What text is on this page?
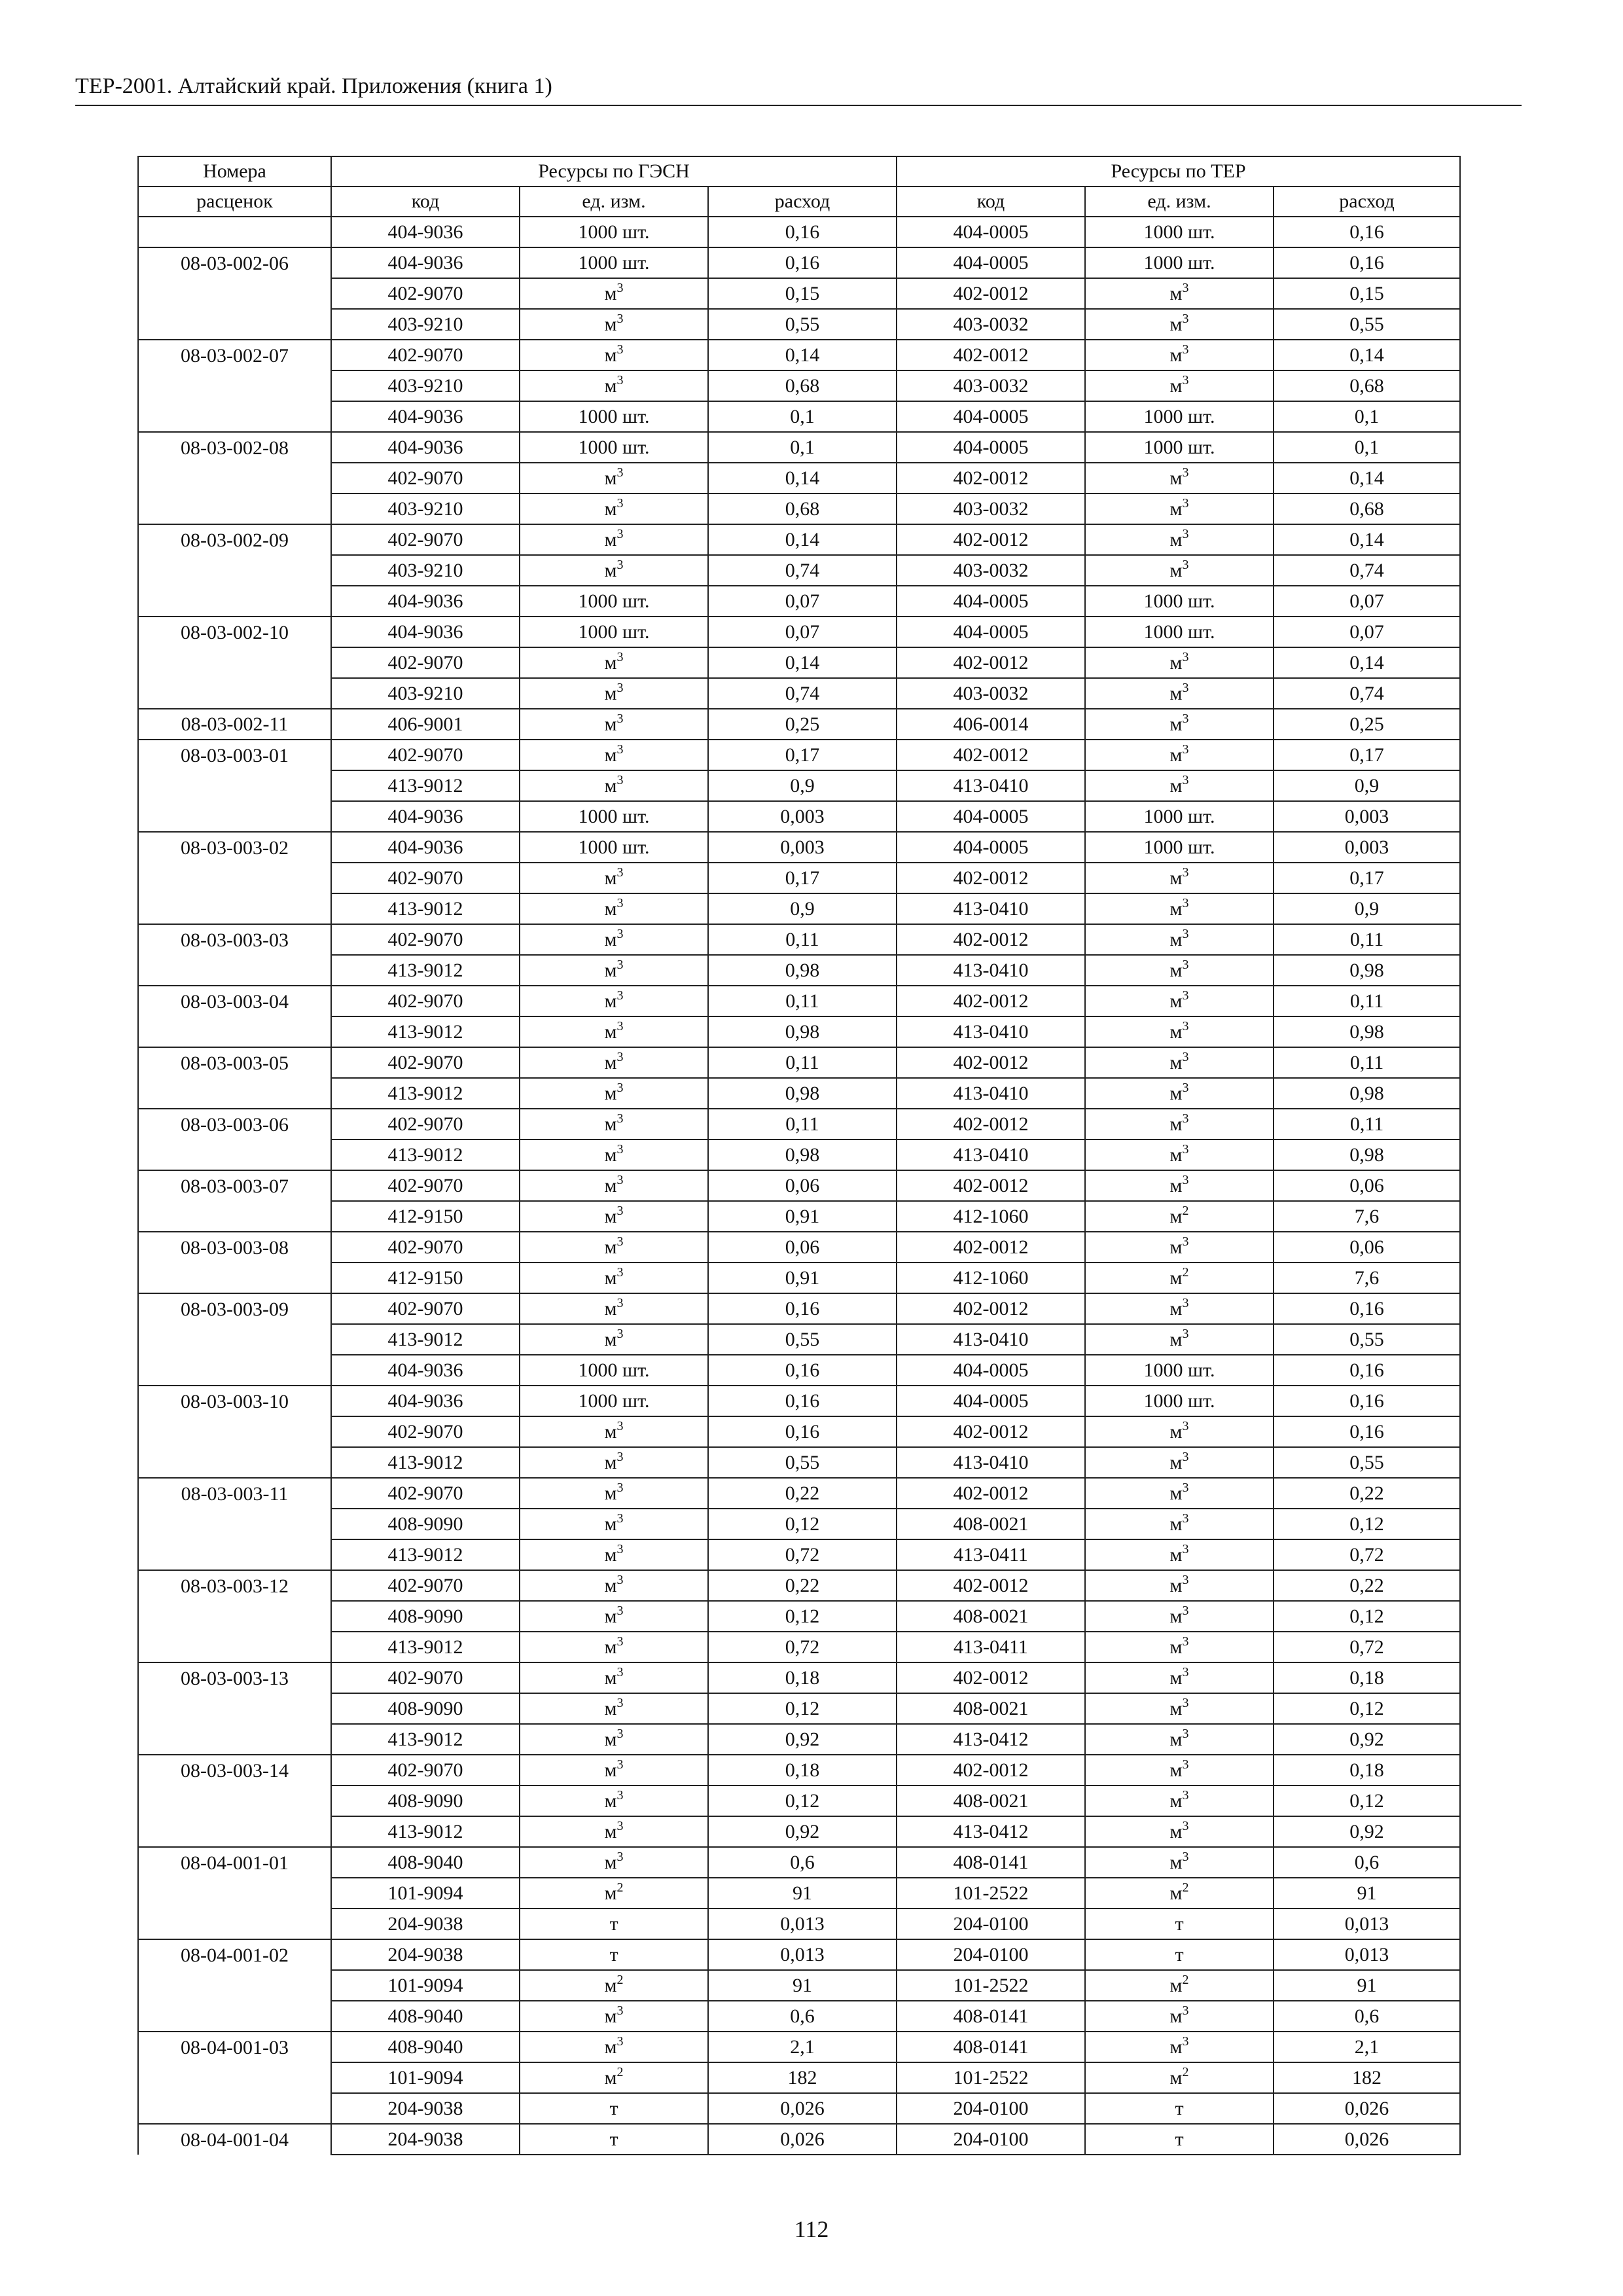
ТЕР-2001. Алтайский край. Приложения (книга 1)
Номера	Ресурсы по ГЭСН			Ресурсы по ТЕР		
расценок	код	ед. изм.	расход	код	ед. изм.	расход
	404-9036	1000 шт.	0,16	404-0005	1000 шт.	0,16
08-03-002-06	404-9036	1000 шт.	0,16	404-0005	1000 шт.	0,16
	402-9070	$м^3$	0,15	402-0012	$м^3$	0,15
	403-9210	$м^3$	0,55	403-0032	$м^3$	0,55
08-03-002-07	402-9070	$м^3$	0,14	402-0012	$м^3$	0,14
	403-9210	$м^3$	0,68	403-0032	$м^3$	0,68
	404-9036	1000 шт.	0,1	404-0005	1000 шт.	0,1
08-03-002-08	404-9036	1000 шт.	0,1	404-0005	1000 шт.	0,1
	402-9070	$м^3$	0,14	402-0012	$м^3$	0,14
	403-9210	$м^3$	0,68	403-0032	$м^3$	0,68
08-03-002-09	402-9070	$м^3$	0,14	402-0012	$м^3$	0,14
	403-9210	$м^3$	0,74	403-0032	$м^3$	0,74
	404-9036	1000 шт.	0,07	404-0005	1000 шт.	0,07
08-03-002-10	404-9036	1000 шт.	0,07	404-0005	1000 шт.	0,07
	402-9070	$м^3$	0,14	402-0012	$м^3$	0,14
	403-9210	$м^3$	0,74	403-0032	$м^3$	0,74
08-03-002-11	406-9001	$м^3$	0,25	406-0014	$м^3$	0,25
08-03-003-01	402-9070	$м^3$	0,17	402-0012	$м^3$	0,17
	413-9012	$м^3$	0,9	413-0410	$м^3$	0,9
	404-9036	1000 шт.	0,003	404-0005	1000 шт.	0,003
08-03-003-02	404-9036	1000 шт.	0,003	404-0005	1000 шт.	0,003
	402-9070	$м^3$	0,17	402-0012	$м^3$	0,17
	413-9012	$м^3$	0,9	413-0410	$м^3$	0,9
08-03-003-03	402-9070	$м^3$	0,11	402-0012	$м^3$	0,11
	413-9012	$м^3$	0,98	413-0410	$м^3$	0,98
08-03-003-04	402-9070	$м^3$	0,11	402-0012	$м^3$	0,11
	413-9012	$м^3$	0,98	413-0410	$м^3$	0,98
08-03-003-05	402-9070	$м^3$	0,11	402-0012	$м^3$	0,11
	413-9012	$м^3$	0,98	413-0410	$м^3$	0,98
08-03-003-06	402-9070	$м^3$	0,11	402-0012	$м^3$	0,11
	413-9012	$м^3$	0,98	413-0410	$м^3$	0,98
08-03-003-07	402-9070	$м^3$	0,06	402-0012	$м^3$	0,06
	412-9150	$м^3$	0,91	412-1060	$м^2$	7,6
08-03-003-08	402-9070	$м^3$	0,06	402-0012	$м^3$	0,06
	412-9150	$м^3$	0,91	412-1060	$м^2$	7,6
08-03-003-09	402-9070	$м^3$	0,16	402-0012	$м^3$	0,16
	413-9012	$м^3$	0,55	413-0410	$м^3$	0,55
	404-9036	1000 шт.	0,16	404-0005	1000 шт.	0,16
08-03-003-10	404-9036	1000 шт.	0,16	404-0005	1000 шт.	0,16
	402-9070	$м^3$	0,16	402-0012	$м^3$	0,16
	413-9012	$м^3$	0,55	413-0410	$м^3$	0,55
08-03-003-11	402-9070	$м^3$	0,22	402-0012	$м^3$	0,22
	408-9090	$м^3$	0,12	408-0021	$м^3$	0,12
	413-9012	$м^3$	0,72	413-0411	$м^3$	0,72
08-03-003-12	402-9070	$м^3$	0,22	402-0012	$м^3$	0,22
	408-9090	$м^3$	0,12	408-0021	$м^3$	0,12
	413-9012	$м^3$	0,72	413-0411	$м^3$	0,72
08-03-003-13	402-9070	$м^3$	0,18	402-0012	$м^3$	0,18
	408-9090	$м^3$	0,12	408-0021	$м^3$	0,12
	413-9012	$м^3$	0,92	413-0412	$м^3$	0,92
08-03-003-14	402-9070	$м^3$	0,18	402-0012	$м^3$	0,18
	408-9090	$м^3$	0,12	408-0021	$м^3$	0,12
	413-9012	$м^3$	0,92	413-0412	$м^3$	0,92
08-04-001-01	408-9040	$м^3$	0,6	408-0141	$м^3$	0,6
	101-9094	$м^2$	91	101-2522	$м^2$	91
	204-9038	т	0,013	204-0100	т	0,013
08-04-001-02	204-9038	т	0,013	204-0100	т	0,013
	101-9094	$м^2$	91	101-2522	$м^2$	91
	408-9040	$м^3$	0,6	408-0141	$м^3$	0,6
08-04-001-03	408-9040	$м^3$	2,1	408-0141	$м^3$	2,1
	101-9094	$м^2$	182	101-2522	$м^2$	182
	204-9038	т	0,026	204-0100	т	0,026
08-04-001-04	204-9038	т	0,026	204-0100	т	0,026
112
